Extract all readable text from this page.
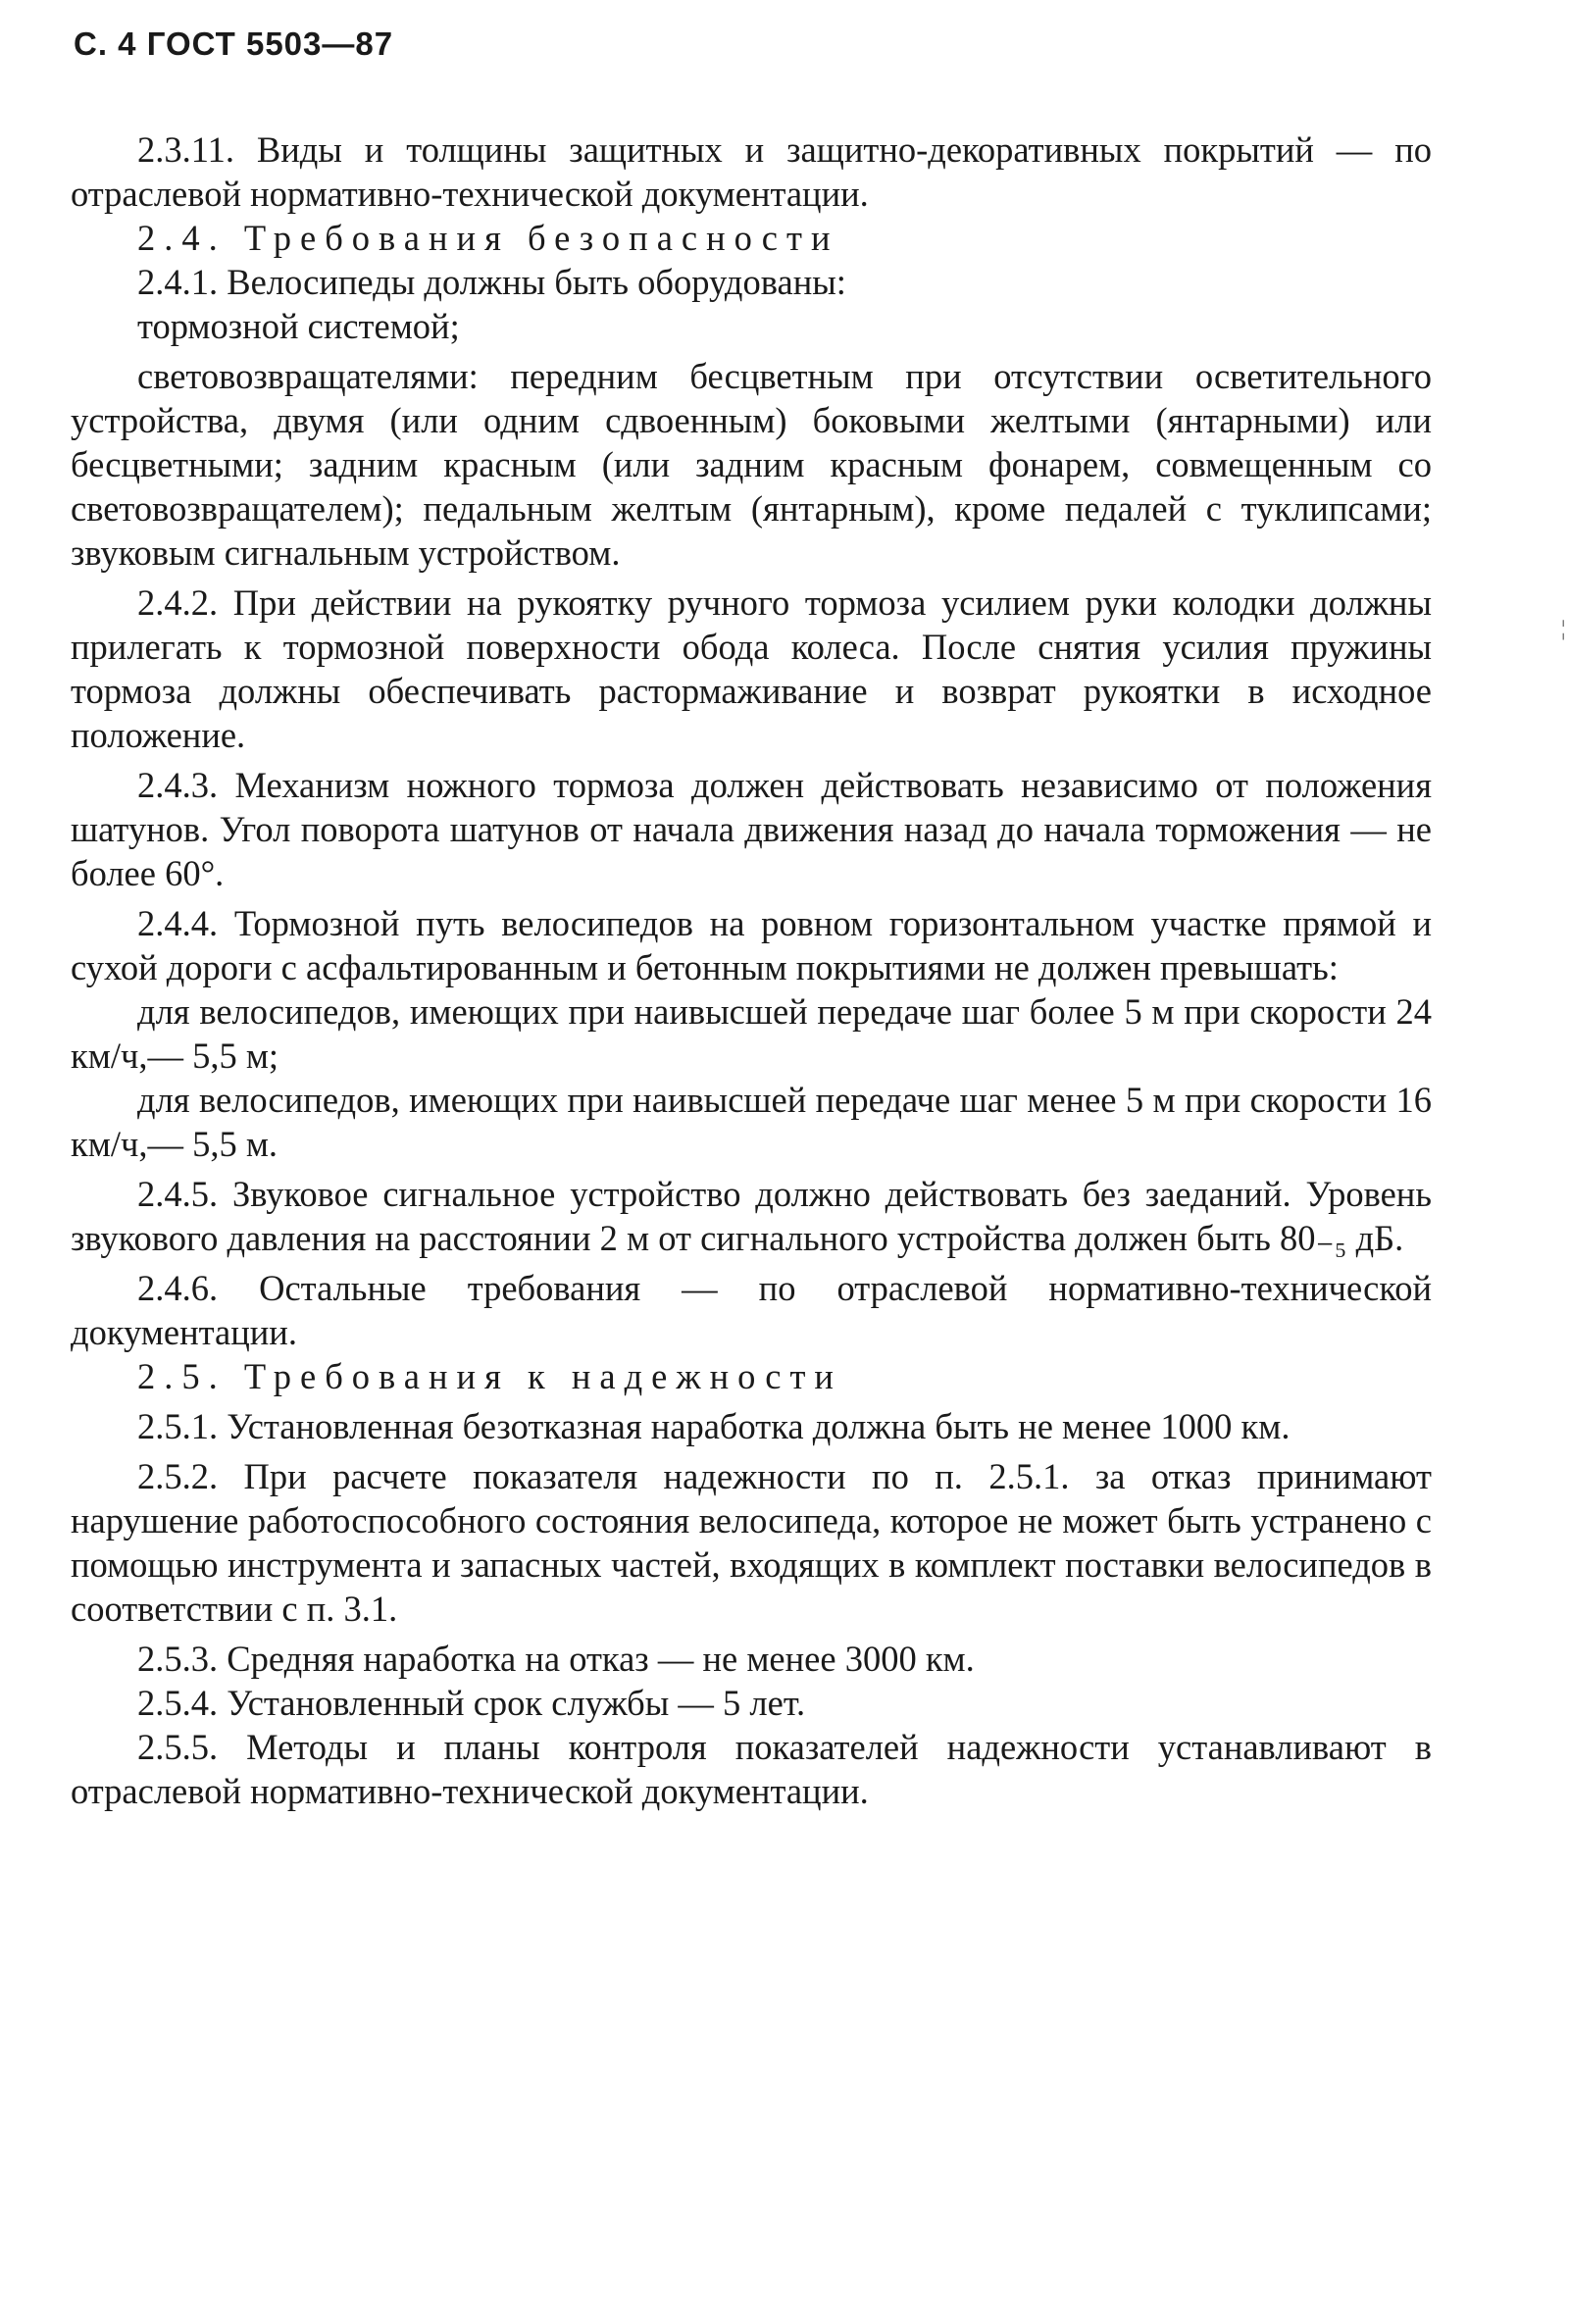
С. 4 ГОСТ 5503—87

2.3.11. Виды и толщины защитных и защитно-декоративных покрытий — по отраслевой нормативно-технической документации.

2.4. Требования безопасности

2.4.1. Велосипеды должны быть оборудованы:

тормозной системой;

световозвращателями: передним бесцветным при отсутствии осветительного устройства, двумя (или одним сдвоенным) боковыми желтыми (янтарными) или бесцветными; задним красным (или задним красным фонарем, совмещенным со световозвращателем); педальным желтым (янтарным), кроме педалей с туклипсами; звуковым сигнальным устройством.

2.4.2. При действии на рукоятку ручного тормоза усилием руки колодки должны прилегать к тормозной поверхности обода колеса. После снятия усилия пружины тормоза должны обеспечивать растормаживание и возврат рукоятки в исходное положение.

2.4.3. Механизм ножного тормоза должен действовать независимо от положения шатунов. Угол поворота шатунов от начала движения назад до начала торможения — не более 60°.

2.4.4. Тормозной путь велосипедов на ровном горизонтальном участке прямой и сухой дороги с асфальтированным и бетонным покрытиями не должен превышать:

для велосипедов, имеющих при наивысшей передаче шаг более 5 м при скорости 24 км/ч,— 5,5 м;

для велосипедов, имеющих при наивысшей передаче шаг менее 5 м при скорости 16 км/ч,— 5,5 м.

2.4.5. Звуковое сигнальное устройство должно действовать без заеданий. Уровень звукового давления на расстоянии 2 м от сигнального устройства должен быть 80₋₅ дБ.

2.4.6. Остальные требования — по отраслевой нормативно-технической документации.

2.5. Требования к надежности

2.5.1. Установленная безотказная наработка должна быть не менее 1000 км.

2.5.2. При расчете показателя надежности по п. 2.5.1. за отказ принимают нарушение работоспособного состояния велосипеда, которое не может быть устранено с помощью инструмента и запасных частей, входящих в комплект поставки велосипедов в соответствии с п. 3.1.

2.5.3. Средняя наработка на отказ — не менее 3000 км.

2.5.4. Установленный срок службы — 5 лет.

2.5.5. Методы и планы контроля показателей надежности устанавливают в отраслевой нормативно-технической документации.

¦
